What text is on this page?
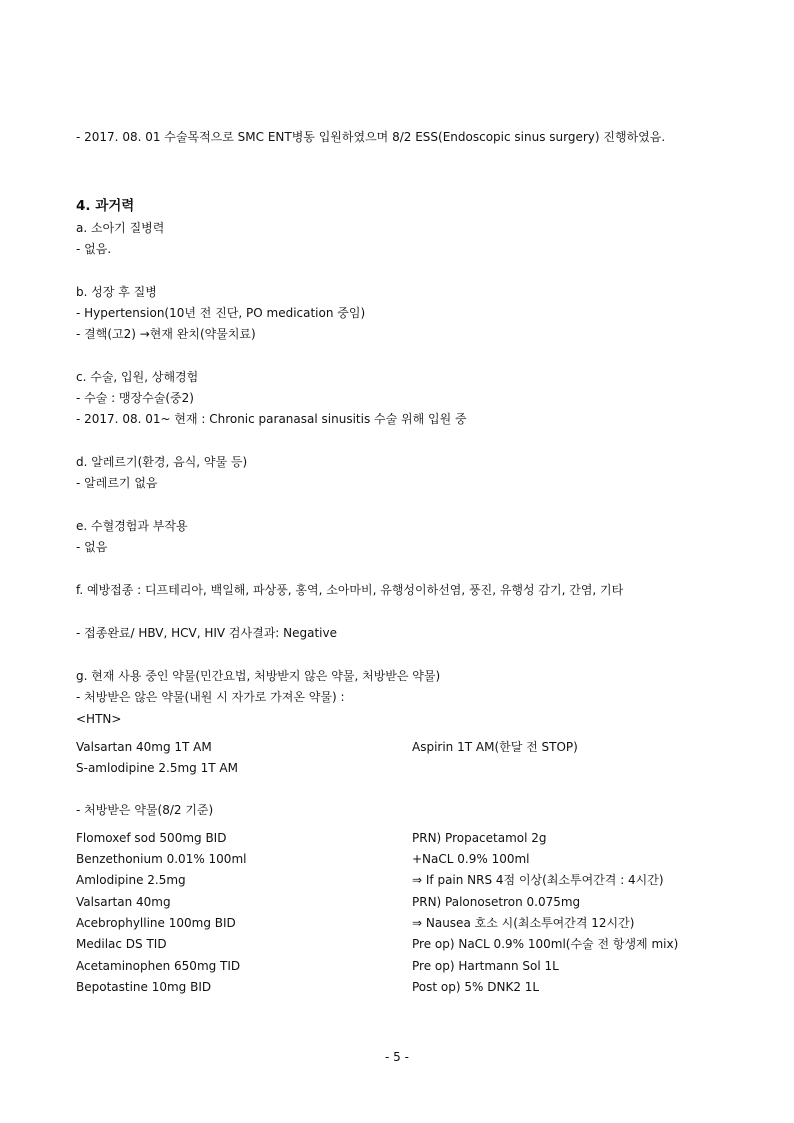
- 2017. 08. 01 수술목적으로 SMC ENT병동 입원하였으며 8/2 ESS(Endoscopic sinus surgery) 진행하였음.
4. 과거력
a. 소아기 질병력
- 없음.
b. 성장 후 질병
- Hypertension(10년 전 진단, PO medication 중임)
- 결핵(고2) →현재 완치(약물치료)
c. 수술, 입원, 상해경험
- 수술 : 맹장수술(중2)
- 2017. 08. 01~ 현재 : Chronic paranasal sinusitis 수술 위해 입원 중
d. 알레르기(환경, 음식, 약물 등)
- 알레르기 없음
e. 수혈경험과 부작용
- 없음
f. 예방접종 : 디프테리아, 백일해, 파상풍, 홍역, 소아마비, 유행성이하선염, 풍진, 유행성 감기, 간염, 기타
- 접종완료/ HBV, HCV, HIV 검사결과: Negative
g. 현재 사용 중인 약물(민간요법, 처방받지 않은 약물, 처방받은 약물)
- 처방받은 않은 약물(내원 시 자가로 가져온 약물) :
<HTN>
Valsartan 40mg 1T AM
S-amlodipine 2.5mg 1T AM
Aspirin 1T AM(한달 전 STOP)
- 처방받은 약물(8/2 기준)
Flomoxef sod 500mg BID
Benzethonium 0.01% 100ml
Amlodipine 2.5mg
Valsartan 40mg
Acebrophylline 100mg BID
Medilac DS TID
Acetaminophen 650mg TID
Bepotastine 10mg BID
PRN) Propacetamol 2g
+NaCL 0.9% 100ml
⇒ If pain NRS 4점 이상(최소투여간격 : 4시간)
PRN) Palonosetron 0.075mg
⇒ Nausea 호소 시(최소투여간격 12시간)
Pre op) NaCL 0.9% 100ml(수술 전 항생제 mix)
Pre op) Hartmann Sol 1L
Post op) 5% DNK2 1L
- 5 -
